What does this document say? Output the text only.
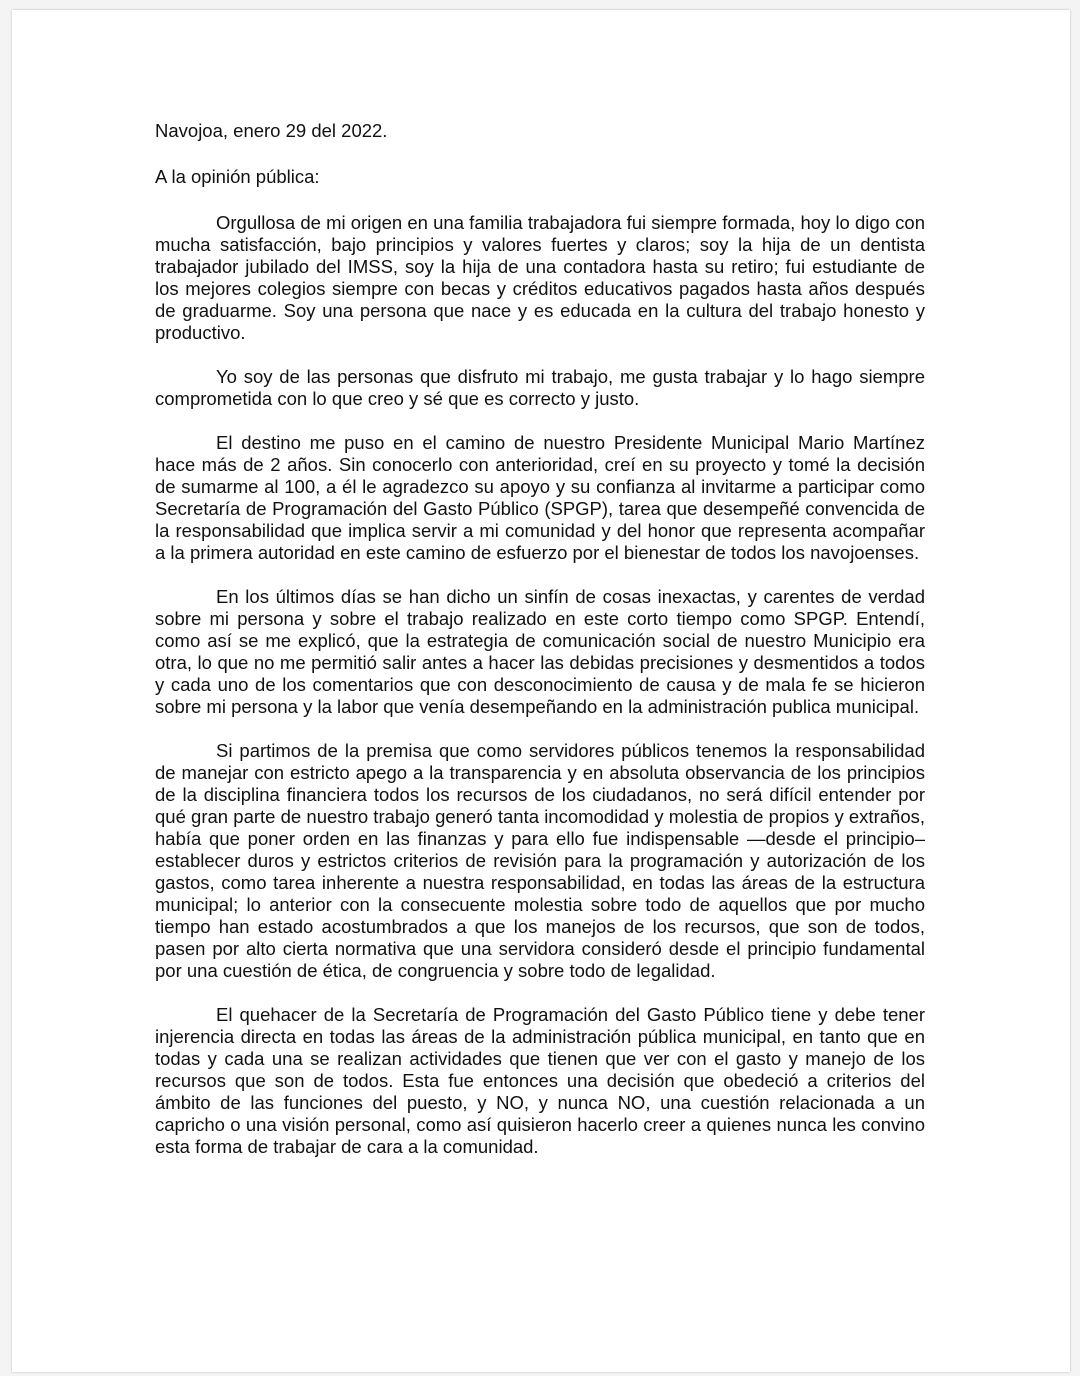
Navojoa, enero 29 del 2022.

A la opinión pública:

Orgullosa de mi origen en una familia trabajadora fui siempre formada, hoy lo digo con mucha satisfacción, bajo principios y valores fuertes y claros; soy la hija de un dentista trabajador jubilado del IMSS, soy la hija de una contadora hasta su retiro; fui estudiante de los mejores colegios siempre con becas y créditos educativos pagados hasta años después de graduarme. Soy una persona que nace y es educada en la cultura del trabajo honesto y productivo.

Yo soy de las personas que disfruto mi trabajo, me gusta trabajar y lo hago siempre comprometida con lo que creo y sé que es correcto y justo.

El destino me puso en el camino de nuestro Presidente Municipal Mario Martínez hace más de 2 años. Sin conocerlo con anterioridad, creí en su proyecto y tomé la decisión de sumarme al 100, a él le agradezco su apoyo y su confianza al invitarme a participar como Secretaría de Programación del Gasto Público (SPGP), tarea que desempeñé convencida de la responsabilidad que implica servir a mi comunidad y del honor que representa acompañar a la primera autoridad en este camino de esfuerzo por el bienestar de todos los navojoenses.

En los últimos días se han dicho un sinfín de cosas inexactas, y carentes de verdad sobre mi persona y sobre el trabajo realizado en este corto tiempo como SPGP. Entendí, como así se me explicó, que la estrategia de comunicación social de nuestro Municipio era otra, lo que no me permitió salir antes a hacer las debidas precisiones y desmentidos a todos y cada uno de los comentarios que con desconocimiento de causa y de mala fe se hicieron sobre mi persona y la labor que venía desempeñando en la administración publica municipal.

Si partimos de la premisa que como servidores públicos tenemos la responsabilidad de manejar con estricto apego a la transparencia y en absoluta observancia de los principios de la disciplina financiera todos los recursos de los ciudadanos, no será difícil entender por qué gran parte de nuestro trabajo generó tanta incomodidad y molestia de propios y extraños, había que poner orden en las finanzas y para ello fue indispensable —desde el principio– establecer duros y estrictos criterios de revisión para la programación y autorización de los gastos, como tarea inherente a nuestra responsabilidad, en todas las áreas de la estructura municipal; lo anterior con la consecuente molestia sobre todo de aquellos que por mucho tiempo han estado acostumbrados a que los manejos de los recursos, que son de todos, pasen por alto cierta normativa que una servidora consideró desde el principio fundamental por una cuestión de ética, de congruencia y sobre todo de legalidad.

El quehacer de la Secretaría de Programación del Gasto Público tiene y debe tener injerencia directa en todas las áreas de la administración pública municipal, en tanto que en todas y cada una se realizan actividades que tienen que ver con el gasto y manejo de los recursos que son de todos. Esta fue entonces una decisión que obedeció a criterios del ámbito de las funciones del puesto, y NO, y nunca NO, una cuestión relacionada a un capricho o una visión personal, como así quisieron hacerlo creer a quienes nunca les convino esta forma de trabajar de cara a la comunidad.
